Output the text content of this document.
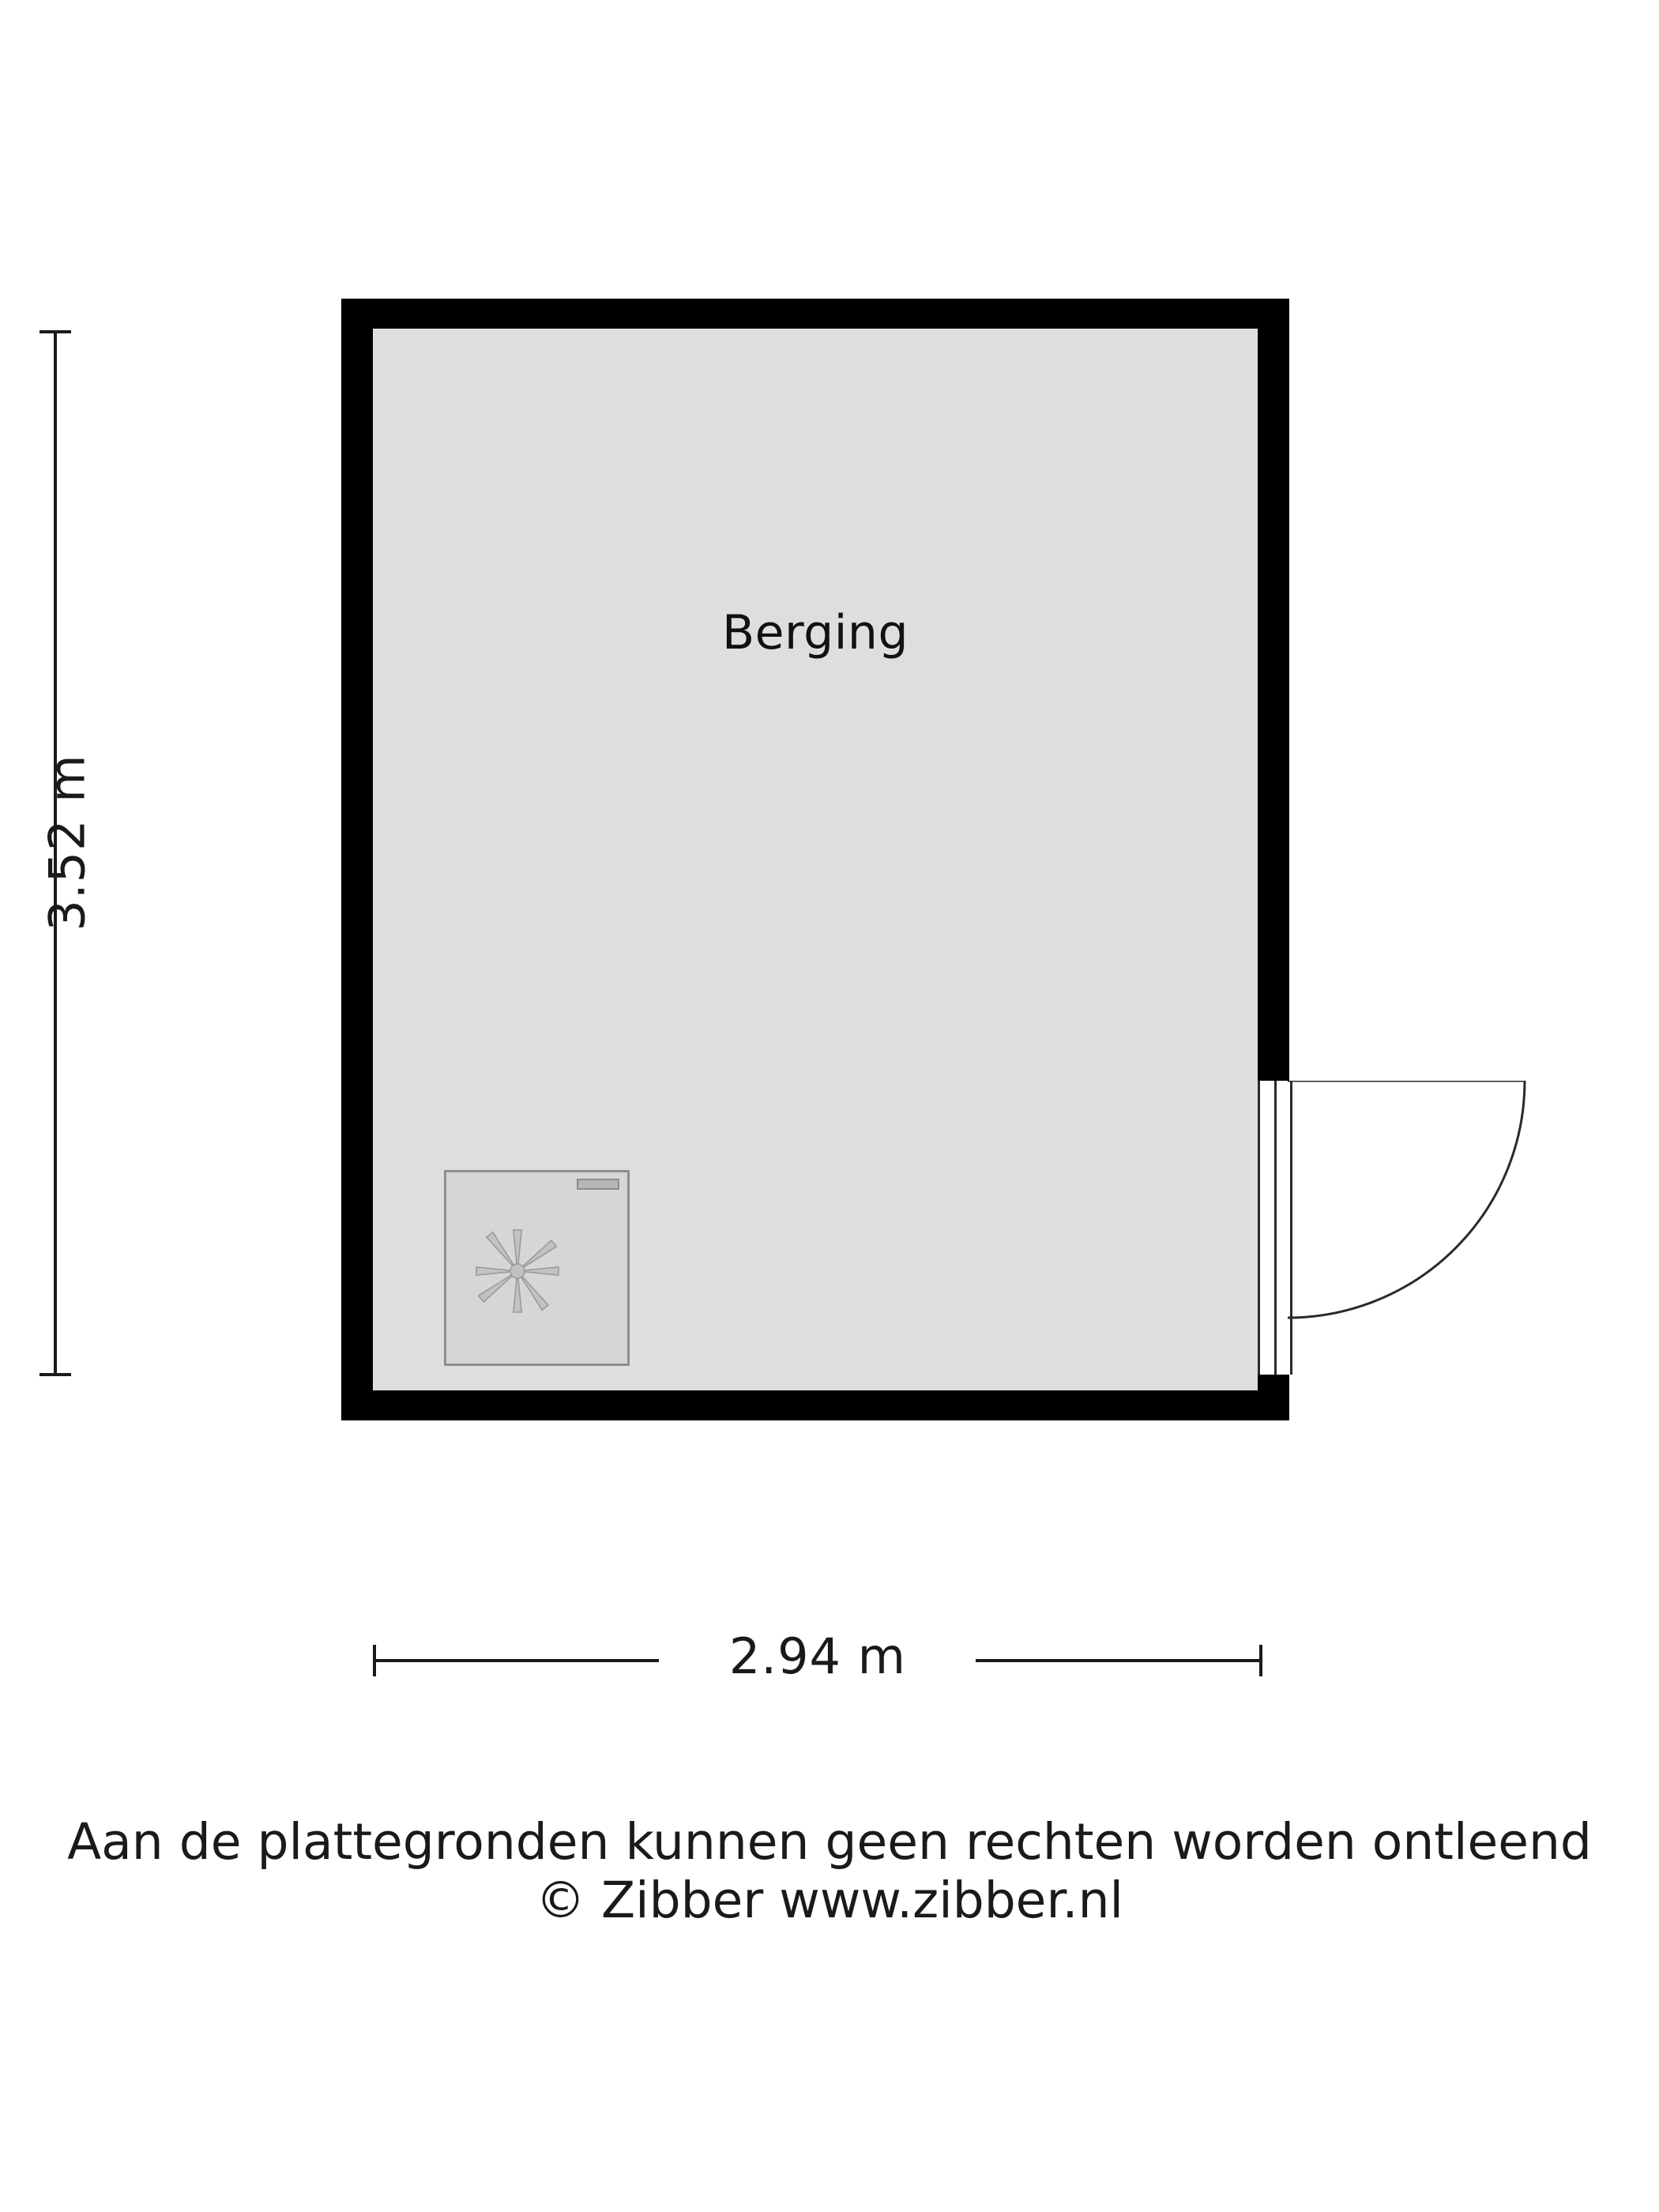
3.52 m
Berging
2.94 m
Aan de plattegronden kunnen geen rechten worden ontleend
© Zibber www.zibber.nl
